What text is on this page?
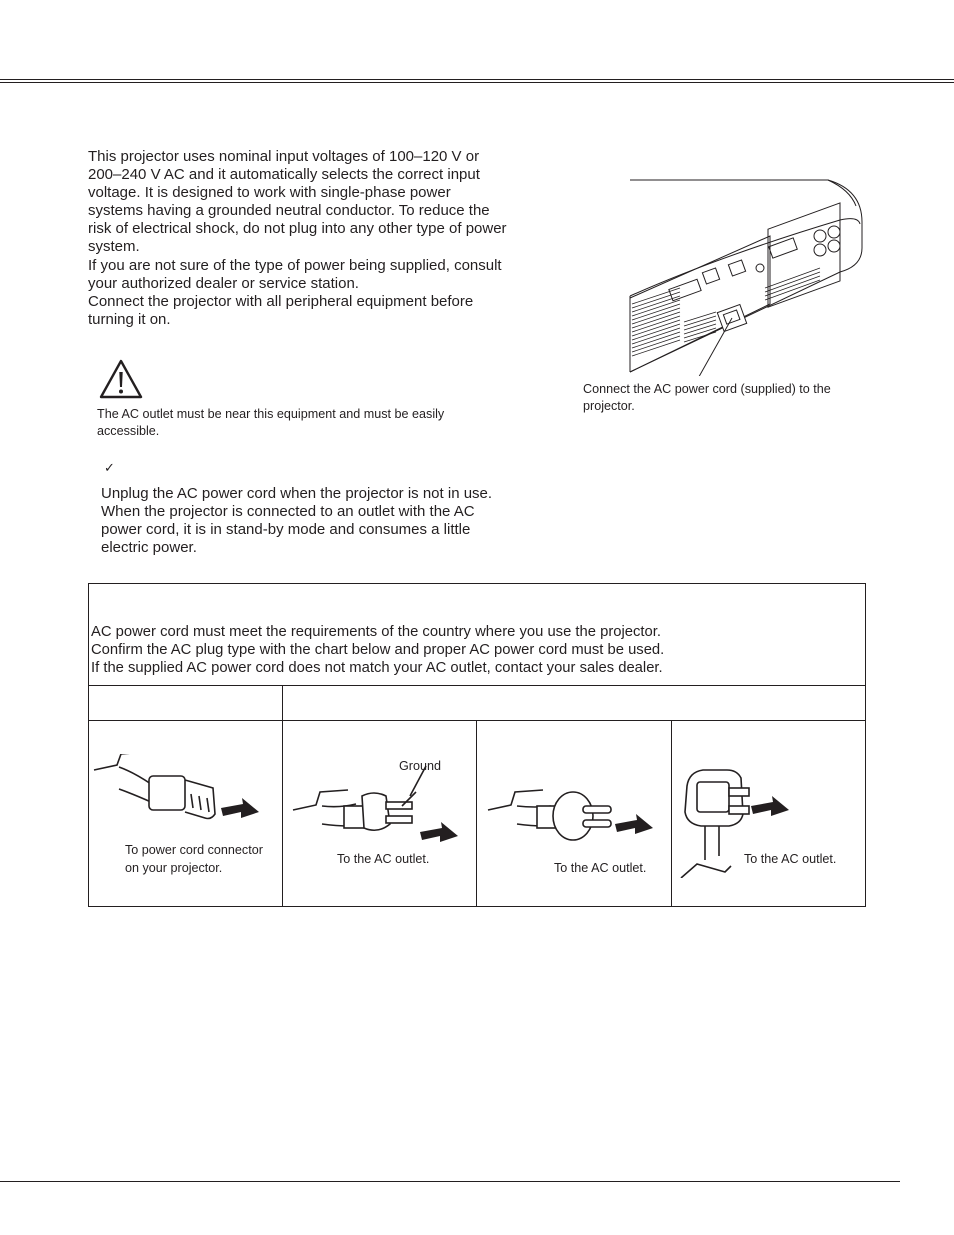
This projector uses nominal input voltages of 100–120 V or 200–240 V AC and it automatically selects the correct input voltage. It is designed to work with single-phase power systems having a grounded neutral conductor. To reduce the risk of electrical shock, do not plug into any other type of power system.

If you are not sure of the type of power being supplied, consult your authorized dealer or service station.

Connect the projector with all peripheral equipment before turning it on.

The AC outlet must be near this equipment and must be easily accessible.

✓

Unplug the AC power cord when the projector is not in use. When the projector is connected to an outlet with the AC power cord, it is in stand-by mode and consumes a little electric power.

Connect the AC power cord (supplied) to the projector.

AC power cord must meet the requirements of the country where you use the projector.

Confirm the AC plug type with the chart below and proper AC power cord must be used.

If the supplied AC power cord does not match your AC outlet, contact your sales dealer.

To power cord connector on your projector.

Ground

To the AC outlet.

To the AC outlet.

To the AC outlet.
